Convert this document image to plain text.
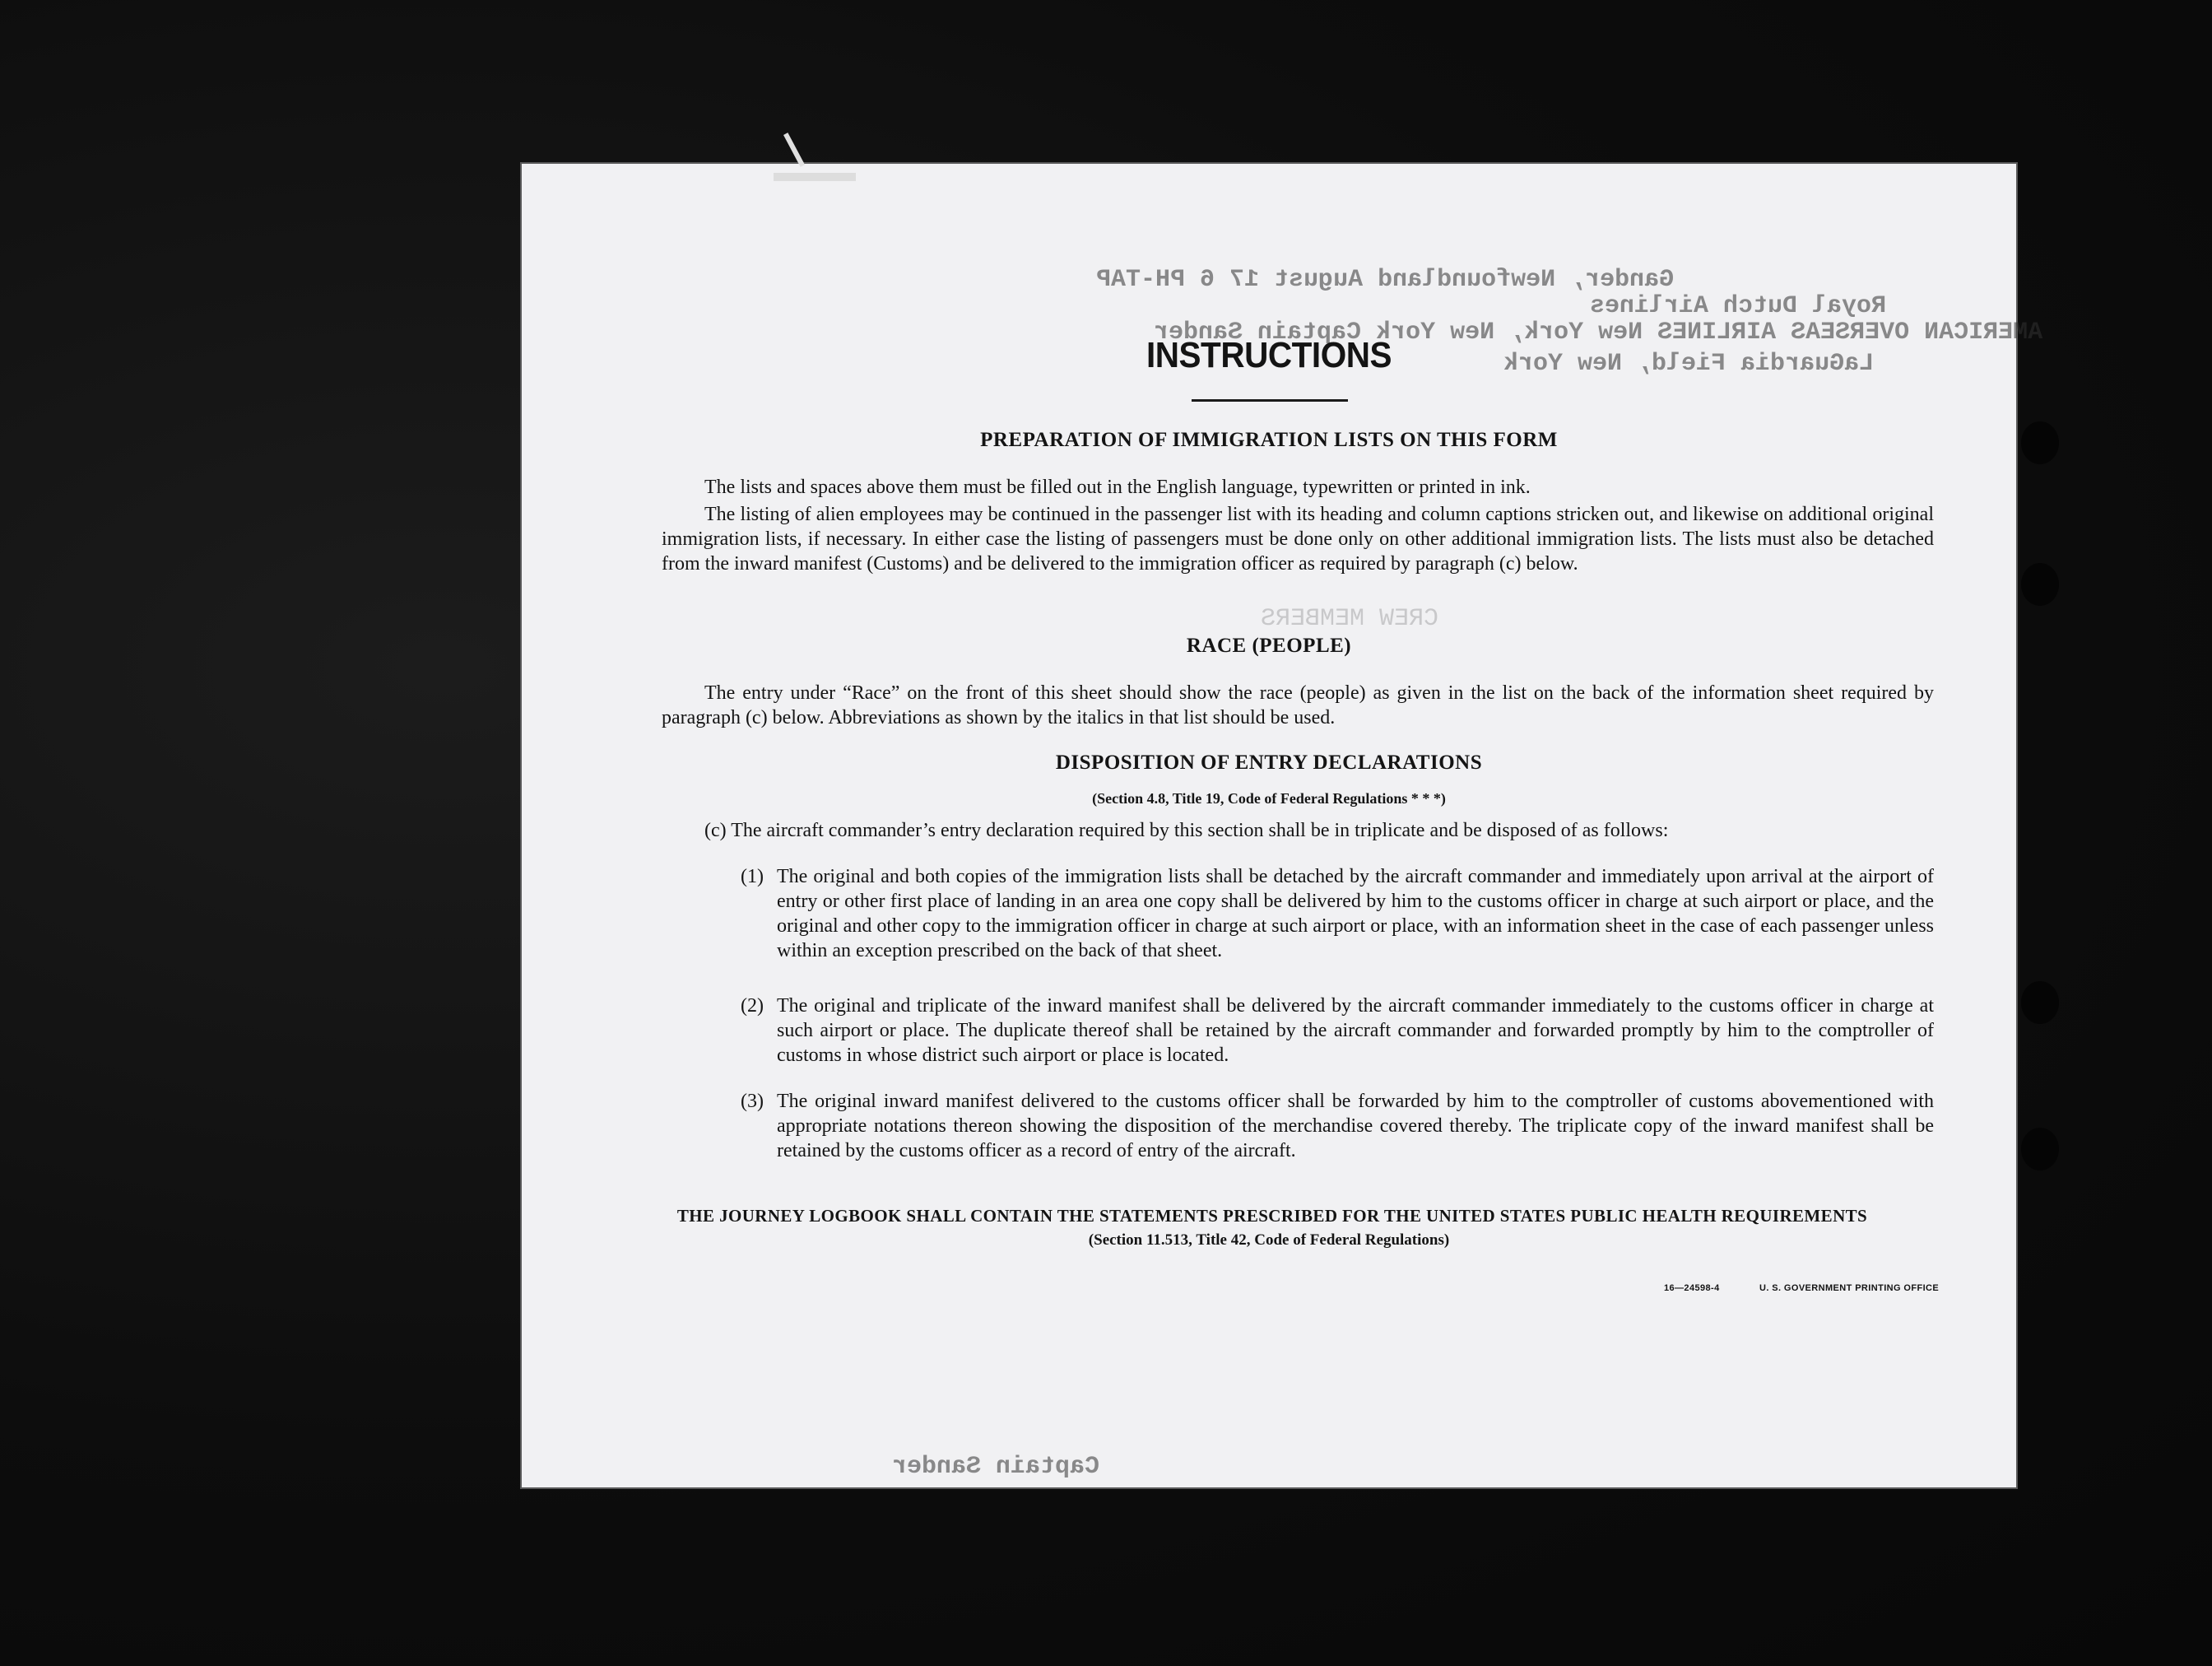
Gander, Newfoundland August 17 6 PH-TAP
Royal Dutch Airlines
AMERICAN OVERSEAS AIRLINES New York, New York Captain Sander
LaGuardia Field, New York
CREW MEMBERS
Captain Sander
INSTRUCTIONS
PREPARATION OF IMMIGRATION LISTS ON THIS FORM
The lists and spaces above them must be filled out in the English language, typewritten or printed in ink.
The listing of alien employees may be continued in the passenger list with its heading and column captions stricken out, and likewise on additional original immigration lists, if necessary. In either case the listing of passengers must be done only on other additional immigration lists. The lists must also be detached from the inward manifest (Customs) and be delivered to the immigration officer as required by paragraph (c) below.
RACE (PEOPLE)
The entry under “Race” on the front of this sheet should show the race (people) as given in the list on the back of the information sheet required by paragraph (c) below. Abbreviations as shown by the italics in that list should be used.
DISPOSITION OF ENTRY DECLARATIONS
(Section 4.8, Title 19, Code of Federal Regulations * * *)
(c) The aircraft commander’s entry declaration required by this section shall be in triplicate and be disposed of as follows:
(1) The original and both copies of the immigration lists shall be detached by the aircraft commander and immediately upon arrival at the airport of entry or other first place of landing in an area one copy shall be delivered by him to the customs officer in charge at such airport or place, and the original and other copy to the immigration officer in charge at such airport or place, with an information sheet in the case of each passenger unless within an exception prescribed on the back of that sheet.
(2) The original and triplicate of the inward manifest shall be delivered by the aircraft commander immediately to the customs officer in charge at such airport or place. The duplicate thereof shall be retained by the aircraft commander and forwarded promptly by him to the comptroller of customs in whose district such airport or place is located.
(3) The original inward manifest delivered to the customs officer shall be forwarded by him to the comptroller of customs abovementioned with appropriate notations thereon showing the disposition of the merchandise covered thereby. The triplicate copy of the inward manifest shall be retained by the customs officer as a record of entry of the aircraft.
THE JOURNEY LOGBOOK SHALL CONTAIN THE STATEMENTS PRESCRIBED FOR THE UNITED STATES PUBLIC HEALTH REQUIREMENTS
(Section 11.513, Title 42, Code of Federal Regulations)
16—24598-4	U. S. GOVERNMENT PRINTING OFFICE
